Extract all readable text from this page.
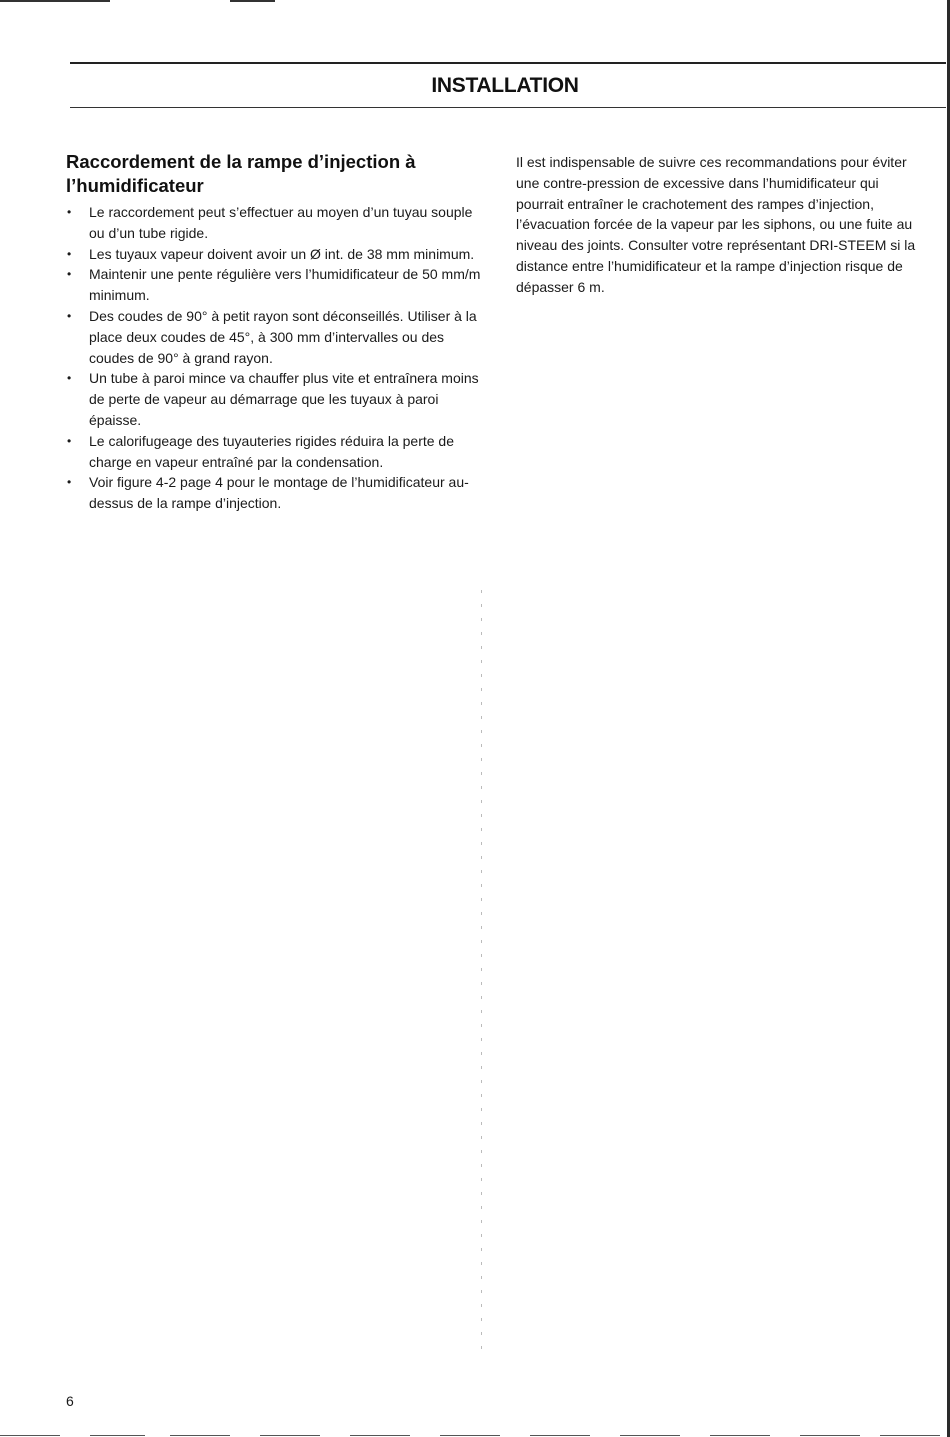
INSTALLATION
Raccordement de la rampe d’injection à l’humidificateur
• Le raccordement peut s’effectuer au moyen d’un tuyau souple ou d’un tube rigide.
• Les tuyaux vapeur doivent avoir un Ø int. de 38 mm minimum.
• Maintenir une pente régulière vers l’humidificateur de 50 mm/m minimum.
• Des coudes de 90° à petit rayon sont déconseillés. Utiliser à la place deux coudes de 45°, à 300 mm d’intervalles ou des coudes de 90° à grand rayon.
• Un tube à paroi mince va chauffer plus vite et entraînera moins de perte de vapeur au démarrage que les tuyaux à paroi épaisse.
• Le calorifugeage des tuyauteries rigides réduira la perte de charge en vapeur entraîné par la condensation.
• Voir figure 4-2 page 4 pour le montage de l’humidificateur au-dessus de la rampe d’injection.
Il est indispensable de suivre ces recommandations pour éviter une contre-pression de excessive dans l’humidificateur qui pourrait entraîner le crachotement des rampes d’injection, l’évacuation forcée de la vapeur par les siphons, ou une fuite au niveau des joints. Consulter votre représentant DRI-STEEM si la distance entre l’humidificateur et la rampe d’injection risque de dépasser 6 m.
6
